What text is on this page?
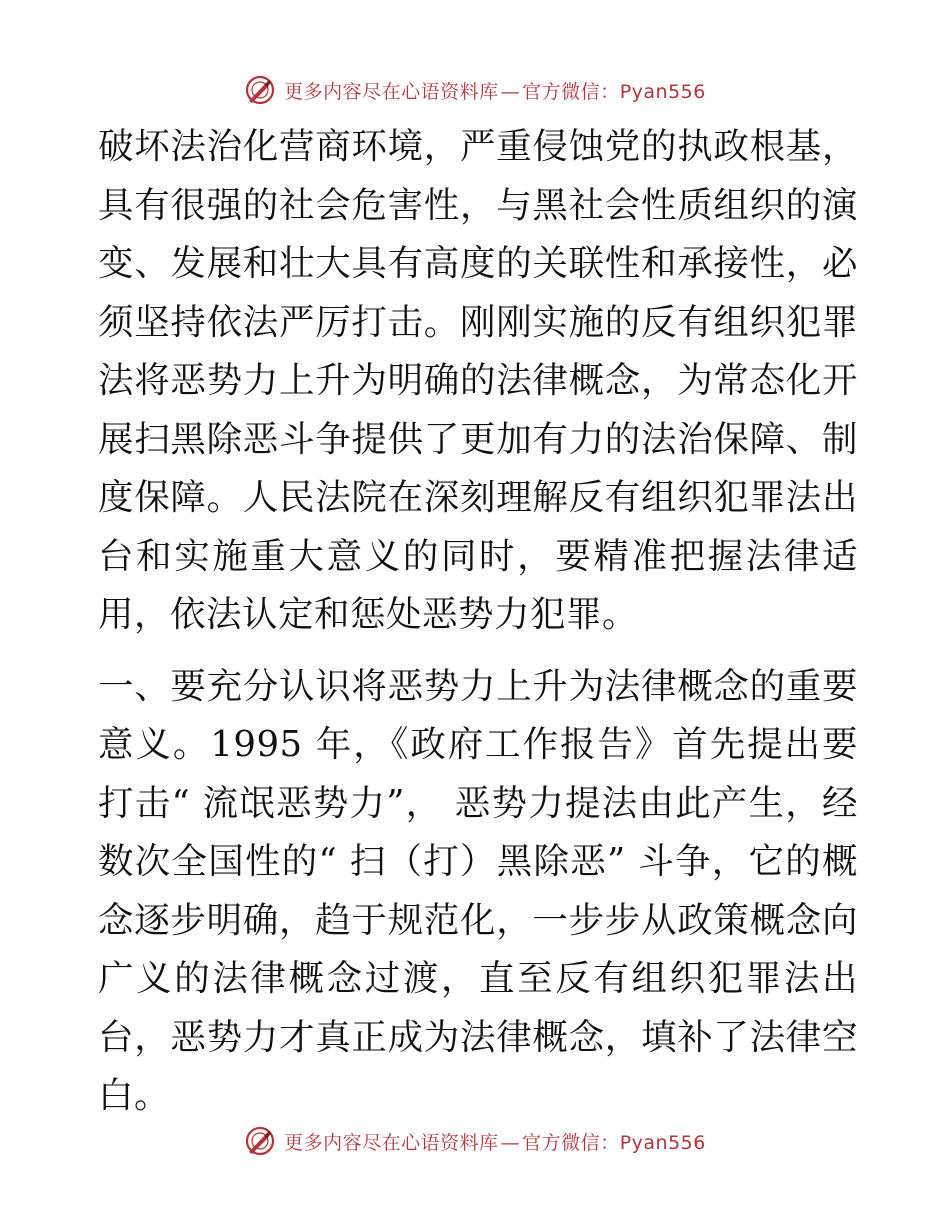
更多内容尽在心语资料库 — 官方微信：Pyan556

破坏法治化营商环境，严重侵蚀党的执政根基，具有很强的社会危害性，与黑社会性质组织的演变、发展和壮大具有高度的关联性和承接性，必须坚持依法严厉打击。刚刚实施的反有组织犯罪法将恶势力上升为明确的法律概念，为常态化开展扫黑除恶斗争提供了更加有力的法治保障、制度保障。人民法院在深刻理解反有组织犯罪法出台和实施重大意义的同时，要精准把握法律适用，依法认定和惩处恶势力犯罪。

一、要充分认识将恶势力上升为法律概念的重要意义。1995 年，《政府工作报告》首先提出要打击“ 流氓恶势力”， 恶势力提法由此产生，经数次全国性的“ 扫（打）黑除恶” 斗争，它的概念逐步明确，趋于规范化，一步步从政策概念向广义的法律概念过渡，直至反有组织犯罪法出台，恶势力才真正成为法律概念，填补了法律空白。

更多内容尽在心语资料库 — 官方微信：Pyan556
